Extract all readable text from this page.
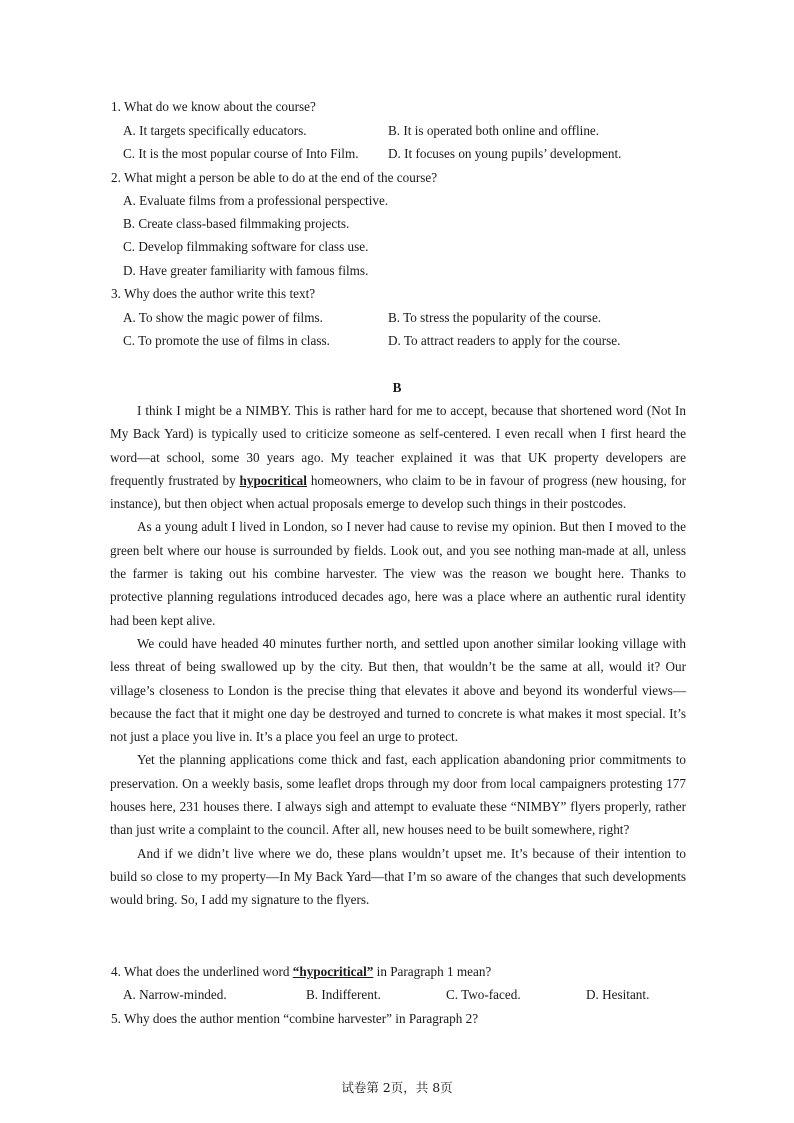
1. What do we know about the course?
A. It targets specifically educators.	B. It is operated both online and offline.
C. It is the most popular course of Into Film. D. It focuses on young pupils’ development.
2. What might a person be able to do at the end of the course?
A. Evaluate films from a professional perspective.
B. Create class-based filmmaking projects.
C. Develop filmmaking software for class use.
D. Have greater familiarity with famous films.
3. Why does the author write this text?
A. To show the magic power of films.	B. To stress the popularity of the course.
C. To promote the use of films in class.	D. To attract readers to apply for the course.
B

I think I might be a NIMBY. This is rather hard for me to accept, because that shortened word (Not In My Back Yard) is typically used to criticize someone as self-centered. I even recall when I first heard the word—at school, some 30 years ago. My teacher explained it was that UK property developers are frequently frustrated by hypocritical homeowners, who claim to be in favour of progress (new housing, for instance), but then object when actual proposals emerge to develop such things in their postcodes.

As a young adult I lived in London, so I never had cause to revise my opinion. But then I moved to the green belt where our house is surrounded by fields. Look out, and you see nothing man-made at all, unless the farmer is taking out his combine harvester. The view was the reason we bought here. Thanks to protective planning regulations introduced decades ago, here was a place where an authentic rural identity had been kept alive.

We could have headed 40 minutes further north, and settled upon another similar looking village with less threat of being swallowed up by the city. But then, that wouldn’t be the same at all, would it? Our village’s closeness to London is the precise thing that elevates it above and beyond its wonderful views—because the fact that it might one day be destroyed and turned to concrete is what makes it most special. It’s not just a place you live in. It’s a place you feel an urge to protect.

Yet the planning applications come thick and fast, each application abandoning prior commitments to preservation. On a weekly basis, some leaflet drops through my door from local campaigners protesting 177 houses here, 231 houses there. I always sigh and attempt to evaluate these “NIMBY” flyers properly, rather than just write a complaint to the council. After all, new houses need to be built somewhere, right?

And if we didn’t live where we do, these plans wouldn’t upset me. It’s because of their intention to build so close to my property—In My Back Yard—that I’m so aware of the changes that such developments would bring. So, I add my signature to the flyers.

4. What does the underlined word “hypocritical” in Paragraph 1 mean?
A. Narrow-minded.	B. Indifferent.	C. Two-faced.	D. Hesitant.
5. Why does the author mention “combine harvester” in Paragraph 2?
试卷第 2页，共 8页
